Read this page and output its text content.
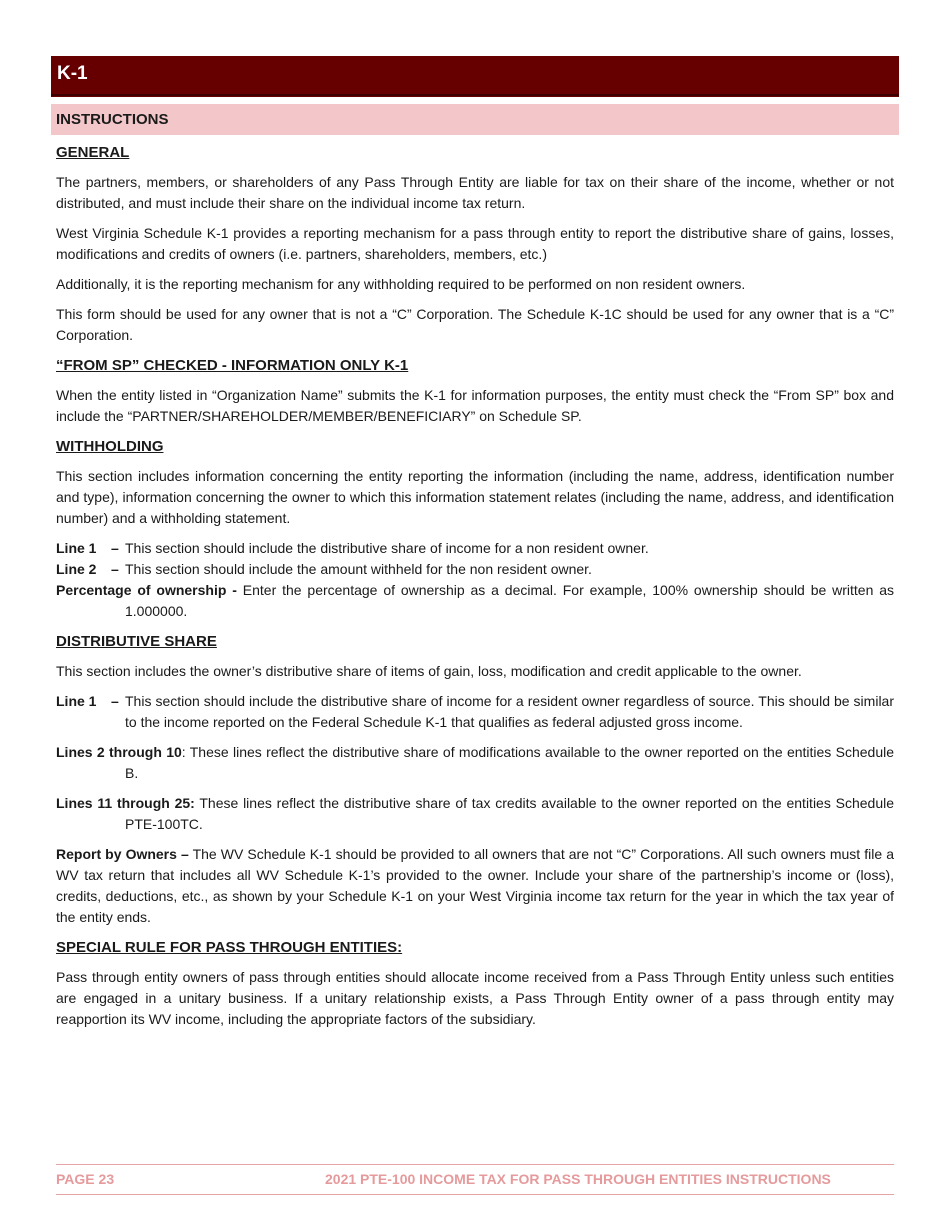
K-1
INSTRUCTIONS
GENERAL

The partners, members, or shareholders of any Pass Through Entity are liable for tax on their share of the income, whether or not distributed, and must include their share on the individual income tax return.

West Virginia Schedule K-1 provides a reporting mechanism for a pass through entity to report the distributive share of gains, losses, modifications and credits of owners (i.e. partners, shareholders, members, etc.)

Additionally, it is the reporting mechanism for any withholding required to be performed on non resident owners.

This form should be used for any owner that is not a “C” Corporation. The Schedule K-1C should be used for any owner that is a “C” Corporation.

“FROM SP” CHECKED - INFORMATION ONLY K-1

When the entity listed in “Organization Name” submits the K-1 for information purposes, the entity must check the “From SP” box and include the “PARTNER/SHAREHOLDER/MEMBER/BENEFICIARY” on Schedule SP.

WITHHOLDING

This section includes information concerning the entity reporting the information (including the name, address, identification number and type), information concerning the owner to which this information statement relates (including the name, address, and identification number) and a withholding statement.

Line 1 – This section should include the distributive share of income for a non resident owner.
Line 2 – This section should include the amount withheld for the non resident owner.
Percentage of ownership - Enter the percentage of ownership as a decimal. For example, 100% ownership should be written as 1.000000.
DISTRIBUTIVE SHARE

This section includes the owner’s distributive share of items of gain, loss, modification and credit applicable to the owner.

Line 1 – This section should include the distributive share of income for a resident owner regardless of source. This should be similar to the income reported on the Federal Schedule K-1 that qualifies as federal adjusted gross income.
Lines 2 through 10: These lines reflect the distributive share of modifications available to the owner reported on the entities Schedule B.
Lines 11 through 25: These lines reflect the distributive share of tax credits available to the owner reported on the entities Schedule PTE-100TC.

Report by Owners – The WV Schedule K-1 should be provided to all owners that are not “C” Corporations. All such owners must file a WV tax return that includes all WV Schedule K-1’s provided to the owner. Include your share of the partnership’s income or (loss), credits, deductions, etc., as shown by your Schedule K-1 on your West Virginia income tax return for the year in which the tax year of the entity ends.

SPECIAL RULE FOR PASS THROUGH ENTITIES:

Pass through entity owners of pass through entities should allocate income received from a Pass Through Entity unless such entities are engaged in a unitary business. If a unitary relationship exists, a Pass Through Entity owner of a pass through entity may reapportion its WV income, including the appropriate factors of the subsidiary.

PAGE 23	2021 PTE-100 INCOME TAX FOR PASS THROUGH ENTITIES INSTRUCTIONS
